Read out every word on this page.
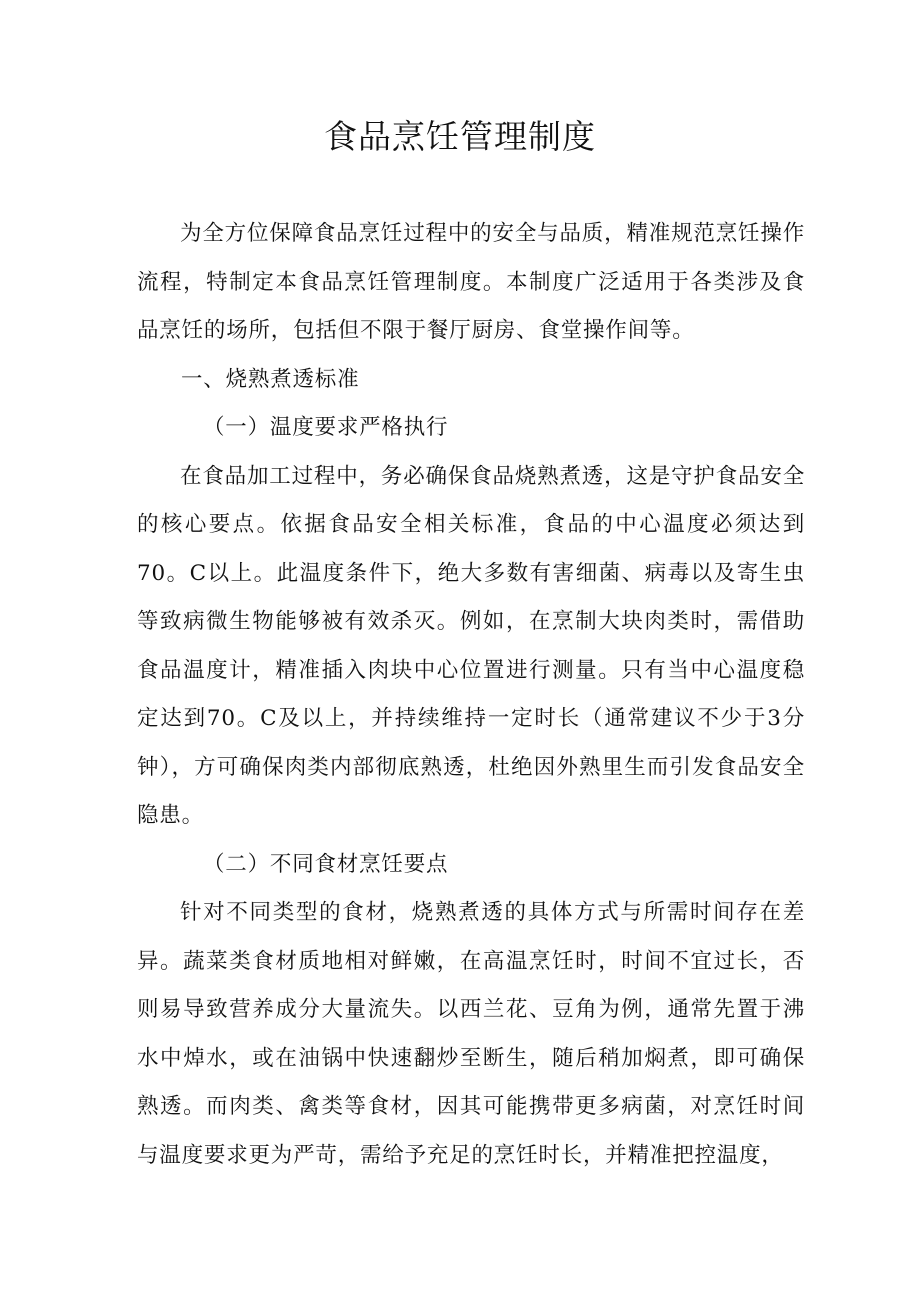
食品烹饪管理制度

为全方位保障食品烹饪过程中的安全与品质，精准规范烹饪操作流程，特制定本食品烹饪管理制度。本制度广泛适用于各类涉及食品烹饪的场所，包括但不限于餐厅厨房、食堂操作间等。

一、烧熟煮透标准

（一）温度要求严格执行

在食品加工过程中，务必确保食品烧熟煮透，这是守护食品安全的核心要点。依据食品安全相关标准，食品的中心温度必须达到70。C以上。此温度条件下，绝大多数有害细菌、病毒以及寄生虫等致病微生物能够被有效杀灭。例如，在烹制大块肉类时，需借助食品温度计，精准插入肉块中心位置进行测量。只有当中心温度稳定达到70。C及以上，并持续维持一定时长（通常建议不少于3分钟），方可确保肉类内部彻底熟透，杜绝因外熟里生而引发食品安全隐患。

（二）不同食材烹饪要点

针对不同类型的食材，烧熟煮透的具体方式与所需时间存在差异。蔬菜类食材质地相对鲜嫩，在高温烹饪时，时间不宜过长，否则易导致营养成分大量流失。以西兰花、豆角为例，通常先置于沸水中焯水，或在油锅中快速翻炒至断生，随后稍加焖煮，即可确保熟透。而肉类、禽类等食材，因其可能携带更多病菌，对烹饪时间与温度要求更为严苛，需给予充足的烹饪时长，并精准把控温度，
